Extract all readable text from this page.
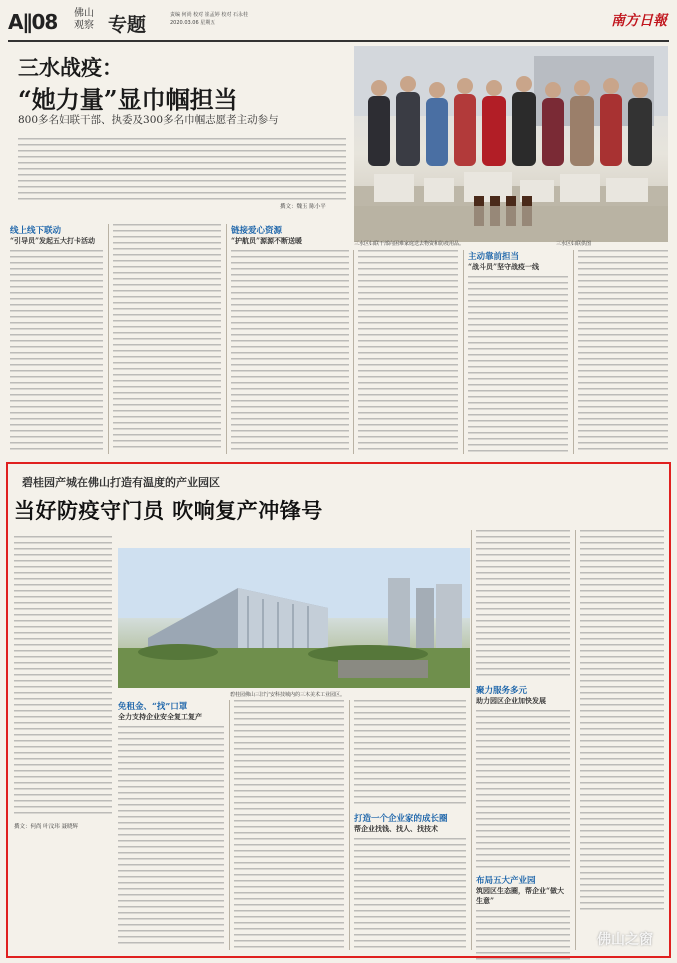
A∥08 佛山
观察 专题	责编 何尚 校对 崔孟婷 校对 石永桂
2020.03.06 星期五	南方日報
三水战疫：
“她力量”显巾帼担当
800多名妇联干部、执委及300多名巾帼志愿者主动参与
撰文：魏玉 陈小平
三水区妇联干部向困难家庭送去物资和防疫用品。	三水区妇联供图
线上线下联动
“引导员”发起五大打卡活动
链接爱心资源
“护航员”源源不断送暖
主动靠前担当
“战斗员”坚守战疫一线
碧桂园产城在佛山打造有温度的产业园区
当好防疫守门员 吹响复产冲锋号
撰文：何尚 叶汶玮 聂晓辉
碧桂园佛山三旧宁安科技城内的三木美术工业园区。
免租金、“找”口罩
全力支持企业安全复工复产
打造一个企业家的成长圈
帮企业找钱、找人、找技术
聚力服务多元
助力园区企业加快发展
布局五大产业园
筑园区生态圈，帮企业“做大生意”
佛山之窗
